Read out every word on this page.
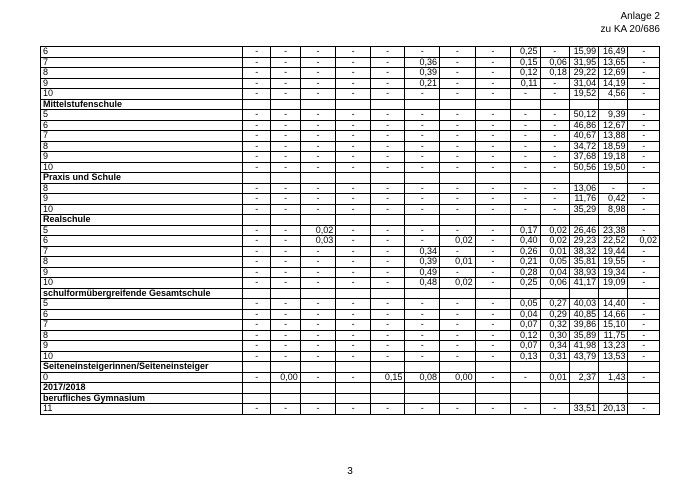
Anlage 2
zu KA 20/686
6	-	-	-	-	-	-	-	-	0,25	-	15,99	16,49	-
7	-	-	-	-	-	0,36	-	-	0,15	0,06	31,95	13,65	-
8	-	-	-	-	-	0,39	-	-	0,12	0,18	29,22	12,69	-
9	-	-	-	-	-	0,21	-	-	0,11	-	31,04	14,19	-
10	-	-	-	-	-	-	-	-	-	-	19,52	4,56	-
Mittelstufenschule													
5	-	-	-	-	-	-	-	-	-	-	50,12	9,39	-
6	-	-	-	-	-	-	-	-	-	-	46,86	12,67	-
7	-	-	-	-	-	-	-	-	-	-	40,67	13,88	-
8	-	-	-	-	-	-	-	-	-	-	34,72	18,59	-
9	-	-	-	-	-	-	-	-	-	-	37,68	19,18	-
10	-	-	-	-	-	-	-	-	-	-	50,56	19,50	-
Praxis und Schule													
8	-	-	-	-	-	-	-	-	-	-	13,06	-	-
9	-	-	-	-	-	-	-	-	-	-	11,76	0,42	-
10	-	-	-	-	-	-	-	-	-	-	35,29	8,98	-
Realschule													
5	-	-	0,02	-	-	-	-	-	0,17	0,02	26,46	23,38	-
6	-	-	0,03	-	-	-	0,02	-	0,40	0,02	29,23	22,52	0,02
7	-	-	-	-	-	0,34	-	-	0,26	0,01	38,32	19,44	-
8	-	-	-	-	-	0,39	0,01	-	0,21	0,05	35,81	19,55	-
9	-	-	-	-	-	0,49	-	-	0,28	0,04	38,93	19,34	-
10	-	-	-	-	-	0,48	0,02	-	0,25	0,06	41,17	19,09	-
schulformübergreifende Gesamtschule													
5	-	-	-	-	-	-	-	-	0,05	0,27	40,03	14,40	-
6	-	-	-	-	-	-	-	-	0,04	0,29	40,85	14,66	-
7	-	-	-	-	-	-	-	-	0,07	0,32	39,86	15,10	-
8	-	-	-	-	-	-	-	-	0,12	0,30	35,89	11,75	-
9	-	-	-	-	-	-	-	-	0,07	0,34	41,98	13,23	-
10	-	-	-	-	-	-	-	-	0,13	0,31	43,79	13,53	-
Seiteneinsteigerinnen/Seiteneinsteiger													
0	-	0,00	-	-	0,15	0,08	0,00	-	-	0,01	2,37	1,43	-
2017/2018													
berufliches Gymnasium													
11	-	-	-	-	-	-	-	-	-	-	33,51	20,13	-
3
